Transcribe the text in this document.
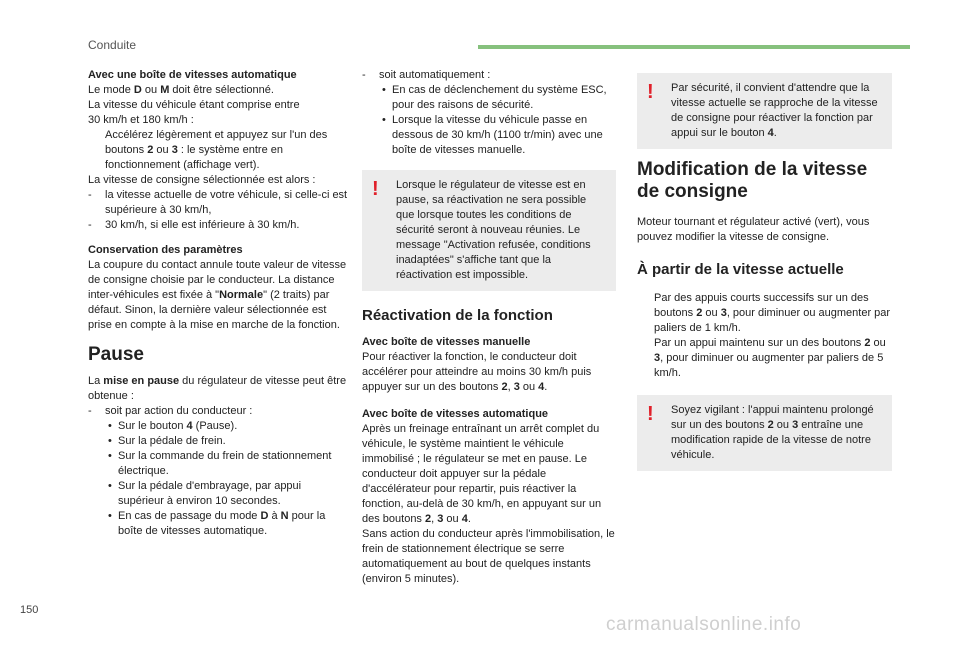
Conduite

Avec une boîte de vitesses automatique

Le mode D ou M doit être sélectionné.

La vitesse du véhicule étant comprise entre

30 km/h et 180 km/h :

Accélérez légèrement et appuyez sur l'un des boutons 2 ou 3 : le système entre en fonctionnement (affichage vert).

La vitesse de consigne sélectionnée est alors :

-	la vitesse actuelle de votre véhicule, si celle-ci est supérieure à 30 km/h,

-	30 km/h, si elle est inférieure à 30 km/h.

Conservation des paramètres

La coupure du contact annule toute valeur de vitesse de consigne choisie par le conducteur. La distance inter-véhicules est fixée à "Normale" (2 traits) par défaut. Sinon, la dernière valeur sélectionnée est prise en compte à la mise en marche de la fonction.

Pause

La mise en pause du régulateur de vitesse peut être obtenue :

-	soit par action du conducteur :

• Sur le bouton 4 (Pause).

• Sur la pédale de frein.

• Sur la commande du frein de stationnement électrique.

• Sur la pédale d'embrayage, par appui supérieur à environ 10 secondes.

• En cas de passage du mode D à N pour la boîte de vitesses automatique.

-	soit automatiquement :

• En cas de déclenchement du système ESC, pour des raisons de sécurité.

• Lorsque la vitesse du véhicule passe en dessous de 30 km/h (1100 tr/min) avec une boîte de vitesses manuelle.

! Lorsque le régulateur de vitesse est en pause, sa réactivation ne sera possible que lorsque toutes les conditions de sécurité seront à nouveau réunies. Le message "Activation refusée, conditions inadaptées" s'affiche tant que la réactivation est impossible.

Réactivation de la fonction

Avec boîte de vitesses manuelle

Pour réactiver la fonction, le conducteur doit accélérer pour atteindre au moins 30 km/h puis appuyer sur un des boutons 2, 3 ou 4.

Avec boîte de vitesses automatique

Après un freinage entraînant un arrêt complet du véhicule, le système maintient le véhicule immobilisé ; le régulateur se met en pause. Le conducteur doit appuyer sur la pédale d'accélérateur pour repartir, puis réactiver la fonction, au-delà de 30 km/h, en appuyant sur un des boutons 2, 3 ou 4.

Sans action du conducteur après l'immobilisation, le frein de stationnement électrique se serre automatiquement au bout de quelques instants (environ 5 minutes).

! Par sécurité, il convient d'attendre que la vitesse actuelle se rapproche de la vitesse de consigne pour réactiver la fonction par appui sur le bouton 4.

Modification de la vitesse
de consigne

Moteur tournant et régulateur activé (vert), vous pouvez modifier la vitesse de consigne.

À partir de la vitesse actuelle

Par des appuis courts successifs sur un des boutons 2 ou 3, pour diminuer ou augmenter par paliers de 1 km/h.

Par un appui maintenu sur un des boutons 2 ou 3, pour diminuer ou augmenter par paliers de 5 km/h.

! Soyez vigilant : l'appui maintenu prolongé sur un des boutons 2 ou 3 entraîne une modification rapide de la vitesse de notre véhicule.

150
carmanualsonline.info
